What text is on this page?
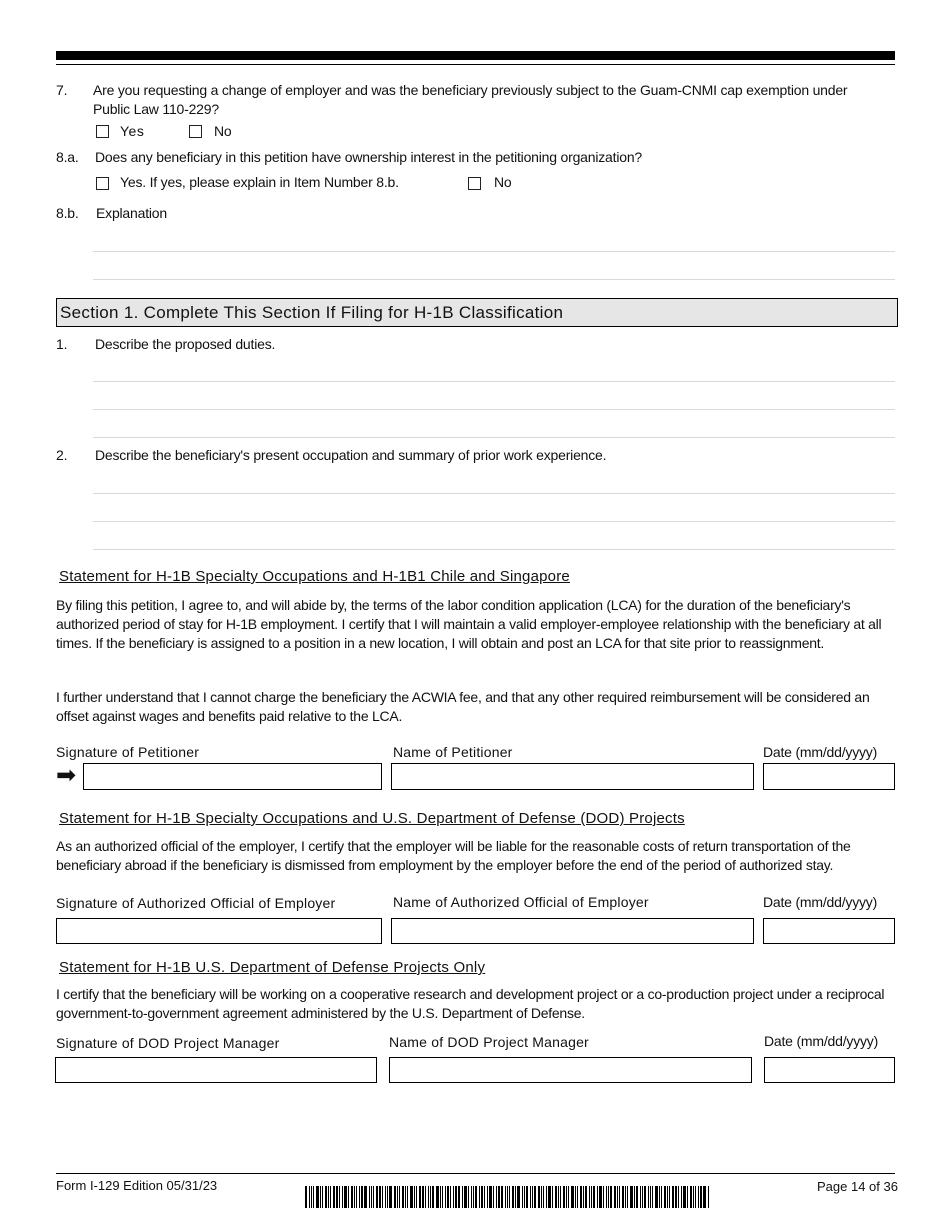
7. Are you requesting a change of employer and was the beneficiary previously subject to the Guam-CNMI cap exemption under
Public Law 110-229?
Yes	No
8.a. Does any beneficiary in this petition have ownership interest in the petitioning organization?
Yes. If yes, please explain in Item Number 8.b.	No
8.b. Explanation
Section 1. Complete This Section If Filing for H-1B Classification
1. Describe the proposed duties.
2. Describe the beneficiary's present occupation and summary of prior work experience.
Statement for H-1B Specialty Occupations and H-1B1 Chile and Singapore
By filing this petition, I agree to, and will abide by, the terms of the labor condition application (LCA) for the duration of the beneficiary's authorized period of stay for H-1B employment. I certify that I will maintain a valid employer-employee relationship with the beneficiary at all times. If the beneficiary is assigned to a position in a new location, I will obtain and post an LCA for that site prior to reassignment.
I further understand that I cannot charge the beneficiary the ACWIA fee, and that any other required reimbursement will be considered an offset against wages and benefits paid relative to the LCA.
Signature of Petitioner	Name of Petitioner	Date (mm/dd/yyyy)
➡
Statement for H-1B Specialty Occupations and U.S. Department of Defense (DOD) Projects
As an authorized official of the employer, I certify that the employer will be liable for the reasonable costs of return transportation of the beneficiary abroad if the beneficiary is dismissed from employment by the employer before the end of the period of authorized stay.
Signature of Authorized Official of Employer	Name of Authorized Official of Employer	Date (mm/dd/yyyy)
Statement for H-1B U.S. Department of Defense Projects Only
I certify that the beneficiary will be working on a cooperative research and development project or a co-production project under a reciprocal government-to-government agreement administered by the U.S. Department of Defense.
Signature of DOD Project Manager	Name of DOD Project Manager	Date (mm/dd/yyyy)
Form I-129 Edition 05/31/23	Page 14 of 36
